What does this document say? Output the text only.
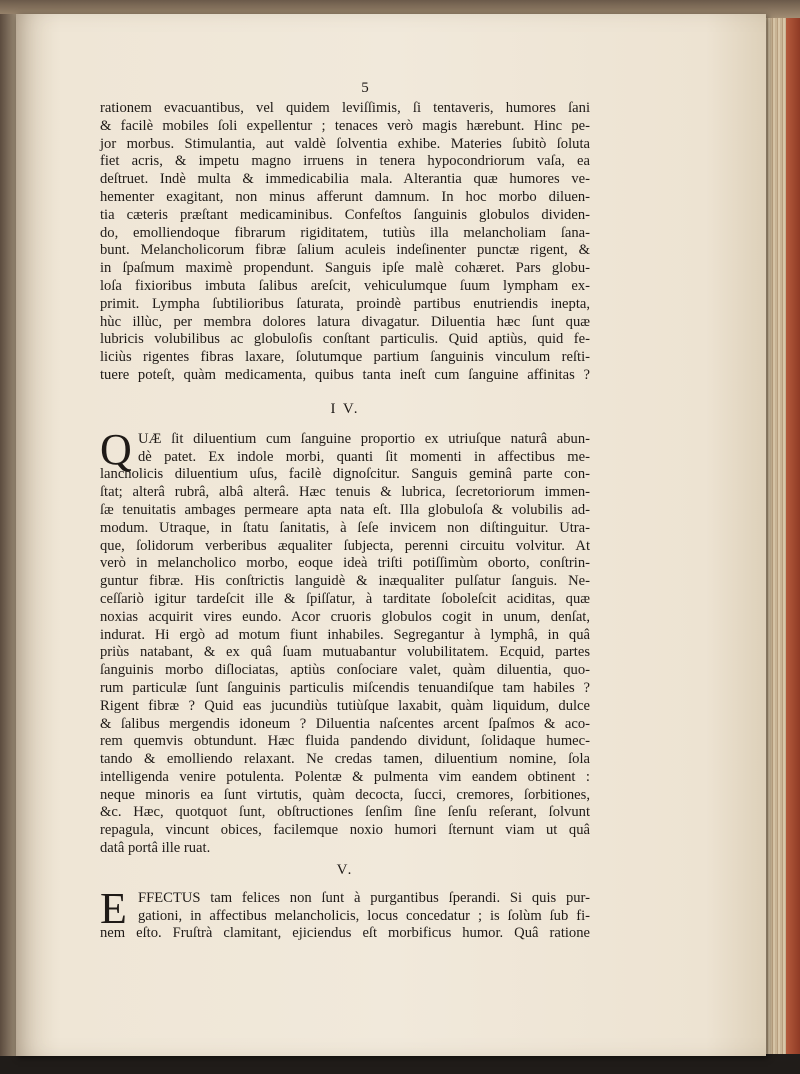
5
rationem evacuantibus, vel quidem leviſſimis, ſi tentaveris, humores ſani
& facilè mobiles ſoli expellentur ; tenaces verò magis hærebunt. Hinc pe-
jor morbus. Stimulantia, aut valdè ſolventia exhibe. Materies ſubitò ſoluta
fiet acris, & impetu magno irruens in tenera hypocondriorum vaſa, ea
deſtruet. Indè multa & immedicabilia mala. Alterantia quæ humores ve-
hementer exagitant, non minus afferunt damnum. In hoc morbo diluen-
tia cæteris præſtant medicaminibus. Confeſtos ſanguinis globulos dividen-
do, emolliendoque fibrarum rigiditatem, tutiùs illa melancholiam ſana-
bunt. Melancholicorum fibræ ſalium aculeis indeſinenter punctæ rigent, &
in ſpaſmum maximè propendunt. Sanguis ipſe malè cohæret. Pars globu-
loſa fixioribus imbuta ſalibus areſcit, vehiculumque ſuum lympham ex-
primit. Lympha ſubtilioribus ſaturata, proindè partibus enutriendis inepta,
hùc illùc, per membra dolores latura divagatur. Diluentia hæc ſunt quæ
lubricis volubilibus ac globuloſis conſtant particulis. Quid aptiùs, quid fe-
liciùs rigentes fibras laxare, ſolutumque partium ſanguinis vinculum reſti-
tuere poteſt, quàm medicamenta, quibus tanta ineſt cum ſanguine affinitas ?
I V.
Q UÆ ſit diluentium cum ſanguine proportio ex utriuſque naturâ abun-
dè patet. Ex indole morbi, quanti ſit momenti in affectibus me-
lancholicis diluentium uſus, facilè dignoſcitur. Sanguis geminâ parte con-
ſtat; alterâ rubrâ, albâ alterâ. Hæc tenuis & lubrica, ſecretoriorum immen-
ſæ tenuitatis ambages permeare apta nata eſt. Illa globuloſa & volubilis ad-
modum. Utraque, in ſtatu ſanitatis, à ſeſe invicem non diſtinguitur. Utra-
que, ſolidorum verberibus æqualiter ſubjecta, perenni circuitu volvitur. At
verò in melancholico morbo, eoque ideà triſti potiſſimùm oborto, conſtrin-
guntur fibræ. His conſtrictis languidè & inæqualiter pulſatur ſanguis. Ne-
ceſſariò igitur tardeſcit ille & ſpiſſatur, à tarditate ſoboleſcit aciditas, quæ
noxias acquirit vires eundo. Acor cruoris globulos cogit in unum, denſat,
indurat. Hi ergò ad motum fiunt inhabiles. Segregantur à lymphâ, in quâ
priùs natabant, & ex quâ ſuam mutuabantur volubilitatem. Ecquid, partes
ſanguinis morbo diſlociatas, aptiùs conſociare valet, quàm diluentia, quo-
rum particulæ ſunt ſanguinis particulis miſcendis tenuandiſque tam habiles ?
Rigent fibræ ? Quid eas jucundiùs tutiùſque laxabit, quàm liquidum, dulce
& ſalibus mergendis idoneum ? Diluentia naſcentes arcent ſpaſmos & aco-
rem quemvis obtundunt. Hæc fluida pandendo dividunt, ſolidaque humec-
tando & emolliendo relaxant. Ne credas tamen, diluentium nomine, ſola
intelligenda venire potulenta. Polentæ & pulmenta vim eandem obtinent :
neque minoris ea ſunt virtutis, quàm decocta, ſucci, cremores, ſorbitiones,
&c. Hæc, quotquot ſunt, obſtructiones ſenſim ſine ſenſu reſerant, ſolvunt
repagula, vincunt obices, facilemque noxio humori ſternunt viam ut quâ
datâ portâ ille ruat.
V.
E FFECTUS tam felices non ſunt à purgantibus ſperandi. Si quis pur-
gationi, in affectibus melancholicis, locus concedatur ; is ſolùm ſub fi-
nem eſto. Fruſtrà clamitant, ejiciendus eſt morbificus humor. Quâ ratione
